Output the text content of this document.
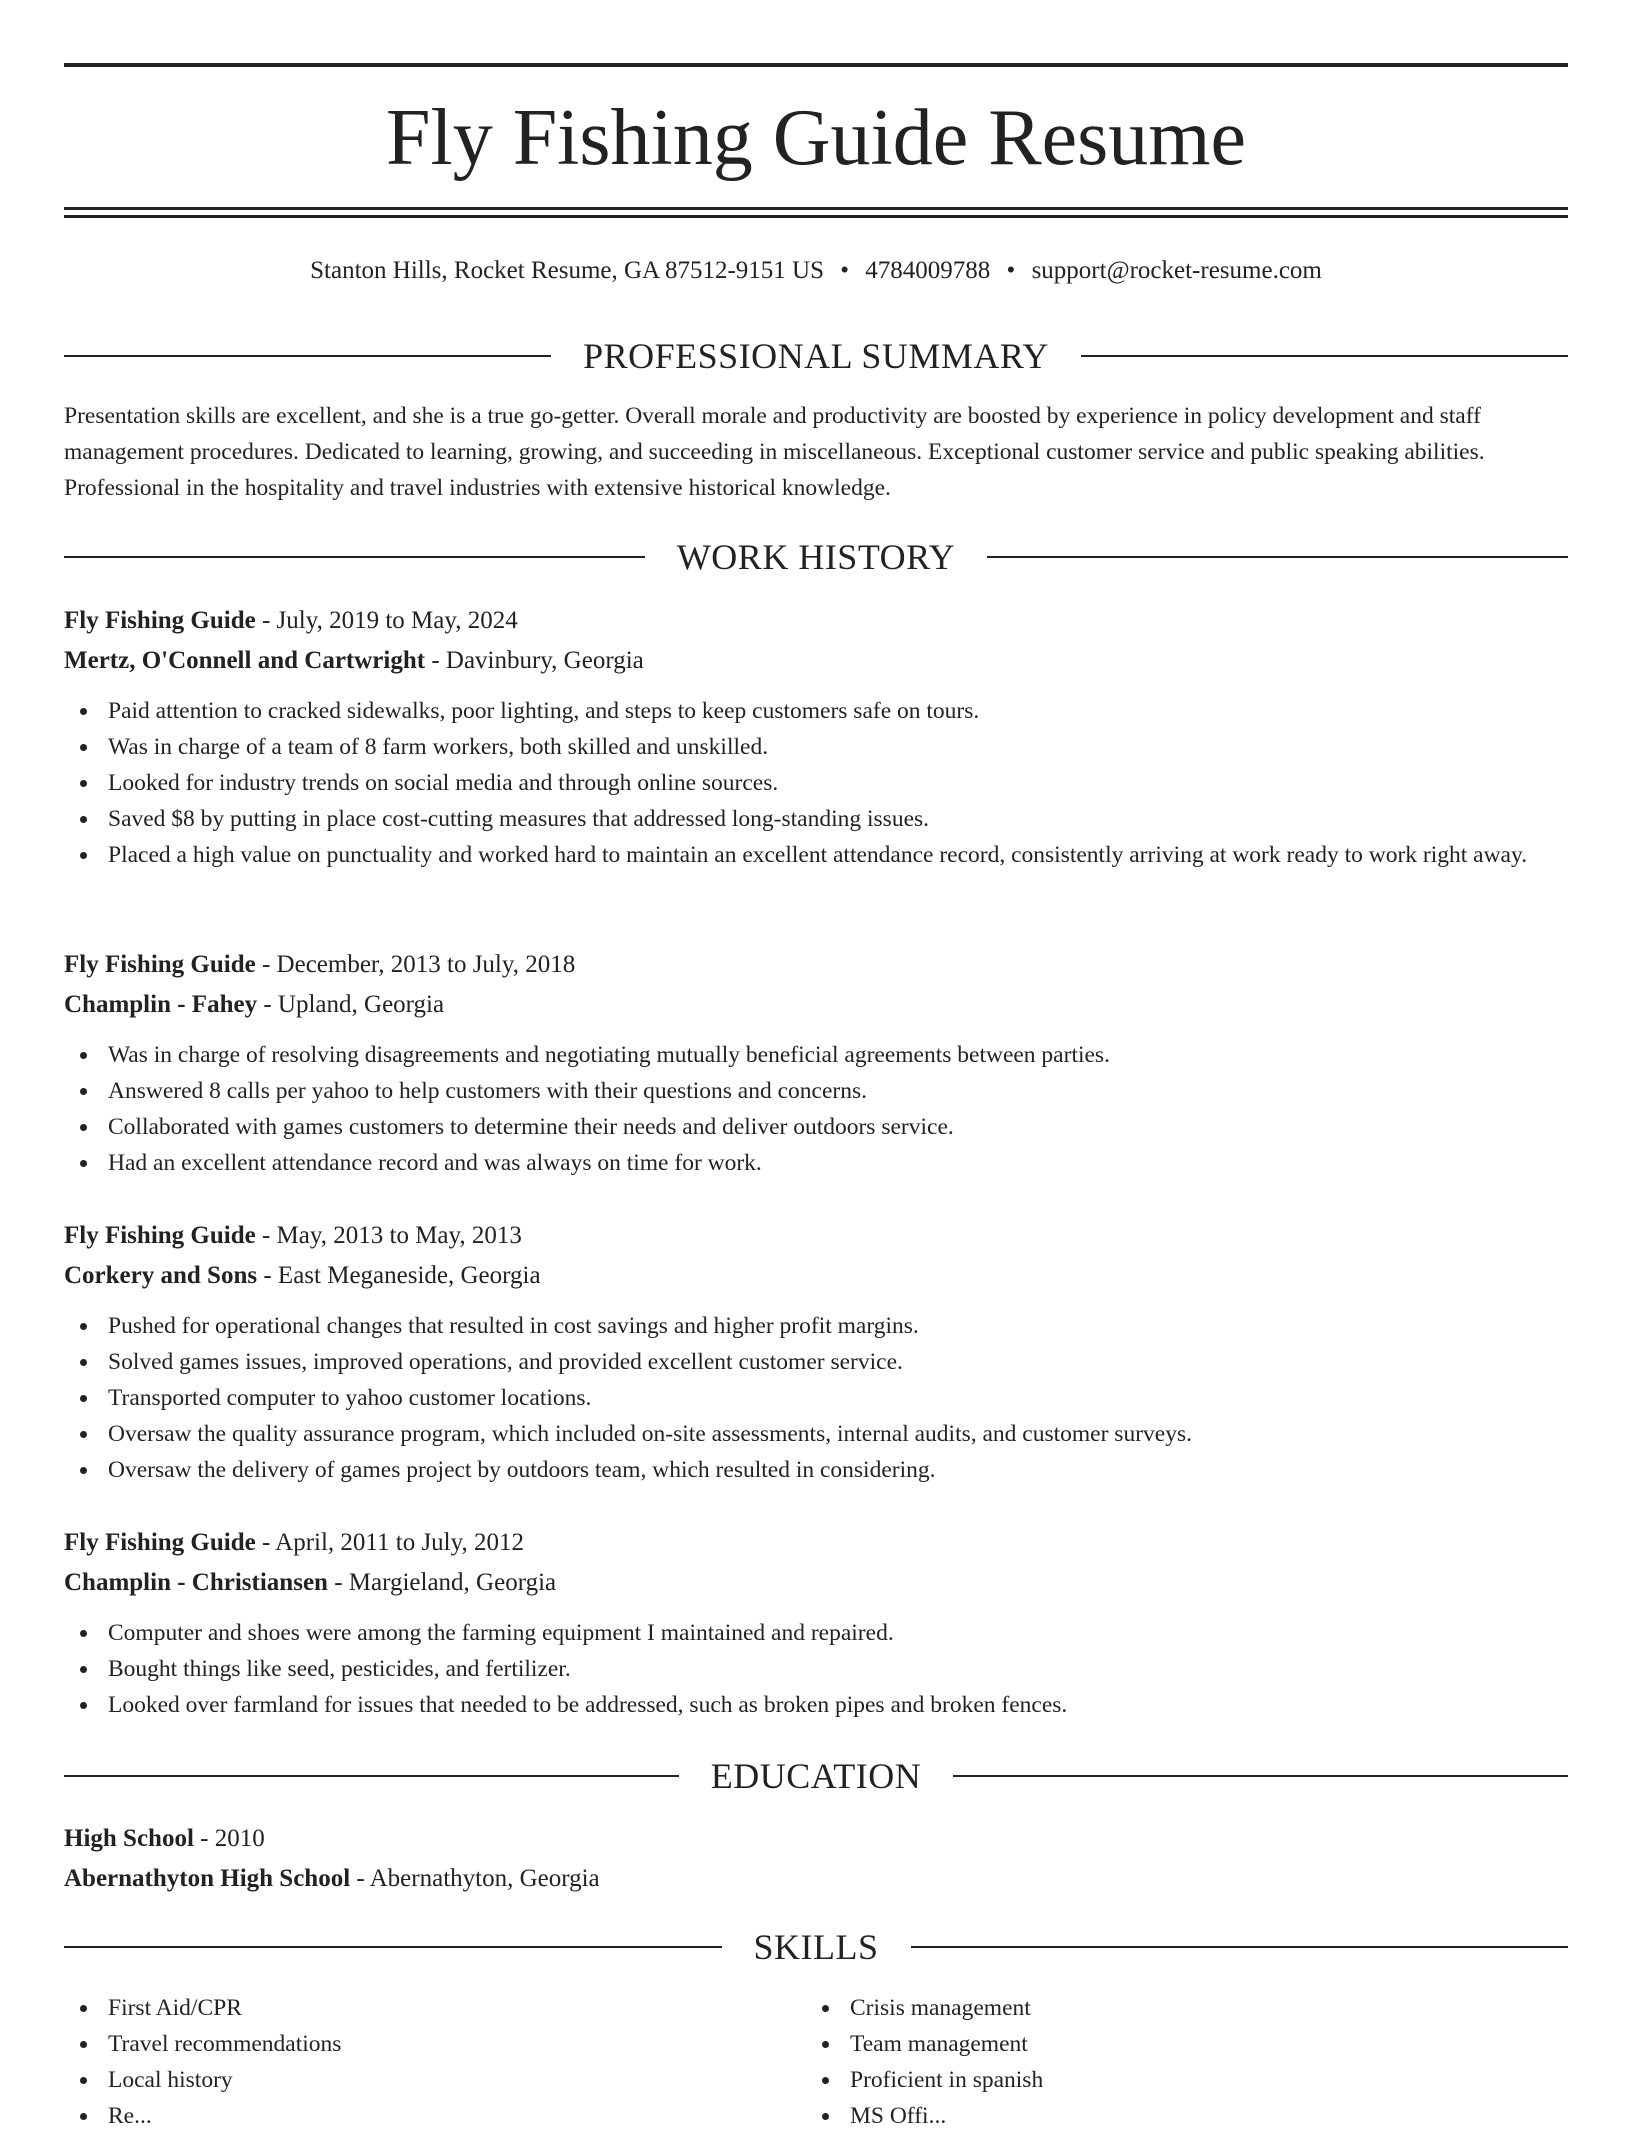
Fly Fishing Guide Resume
Stanton Hills, Rocket Resume, GA 87512-9151 US • 4784009788 • support@rocket-resume.com
PROFESSIONAL SUMMARY

Presentation skills are excellent, and she is a true go-getter. Overall morale and productivity are boosted by experience in policy development and staff management procedures. Dedicated to learning, growing, and succeeding in miscellaneous. Exceptional customer service and public speaking abilities. Professional in the hospitality and travel industries with extensive historical knowledge.

WORK HISTORY
Fly Fishing Guide - July, 2019 to May, 2024
Mertz, O'Connell and Cartwright - Davinbury, Georgia
Paid attention to cracked sidewalks, poor lighting, and steps to keep customers safe on tours.
Was in charge of a team of 8 farm workers, both skilled and unskilled.
Looked for industry trends on social media and through online sources.
Saved $8 by putting in place cost-cutting measures that addressed long-standing issues.
Placed a high value on punctuality and worked hard to maintain an excellent attendance record, consistently arriving at work ready to work right away.
Fly Fishing Guide - December, 2013 to July, 2018
Champlin - Fahey - Upland, Georgia
Was in charge of resolving disagreements and negotiating mutually beneficial agreements between parties.
Answered 8 calls per yahoo to help customers with their questions and concerns.
Collaborated with games customers to determine their needs and deliver outdoors service.
Had an excellent attendance record and was always on time for work.
Fly Fishing Guide - May, 2013 to May, 2013
Corkery and Sons - East Meganeside, Georgia
Pushed for operational changes that resulted in cost savings and higher profit margins.
Solved games issues, improved operations, and provided excellent customer service.
Transported computer to yahoo customer locations.
Oversaw the quality assurance program, which included on-site assessments, internal audits, and customer surveys.
Oversaw the delivery of games project by outdoors team, which resulted in considering.
Fly Fishing Guide - April, 2011 to July, 2012
Champlin - Christiansen - Margieland, Georgia
Computer and shoes were among the farming equipment I maintained and repaired.
Bought things like seed, pesticides, and fertilizer.
Looked over farmland for issues that needed to be addressed, such as broken pipes and broken fences.
EDUCATION
High School - 2010
Abernathyton High School - Abernathyton, Georgia
SKILLS
First Aid/CPR
Travel recommendations
Local history
Re...
Crisis management
Team management
Proficient in spanish
MS Offi...
